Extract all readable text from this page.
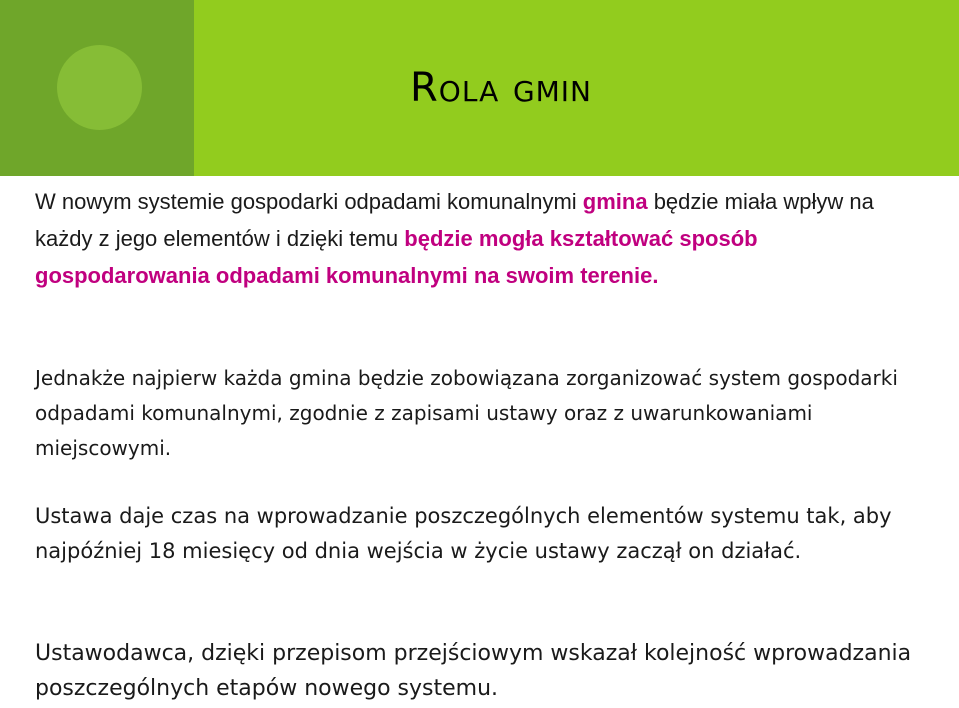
Rola gmin

W nowym systemie gospodarki odpadami komunalnymi gmina będzie miała wpływ na każdy z jego elementów i dzięki temu będzie mogła kształtować sposób gospodarowania odpadami komunalnymi na swoim terenie.

Jednakże najpierw każda gmina będzie zobowiązana zorganizować system gospodarki odpadami komunalnymi, zgodnie z zapisami ustawy oraz z uwarunkowaniami miejscowymi.

Ustawa daje czas na wprowadzanie poszczególnych elementów systemu tak, aby najpóźniej 18 miesięcy od dnia wejścia w życie ustawy zaczął on działać.

Ustawodawca, dzięki przepisom przejściowym wskazał kolejność wprowadzania poszczególnych etapów nowego systemu.
